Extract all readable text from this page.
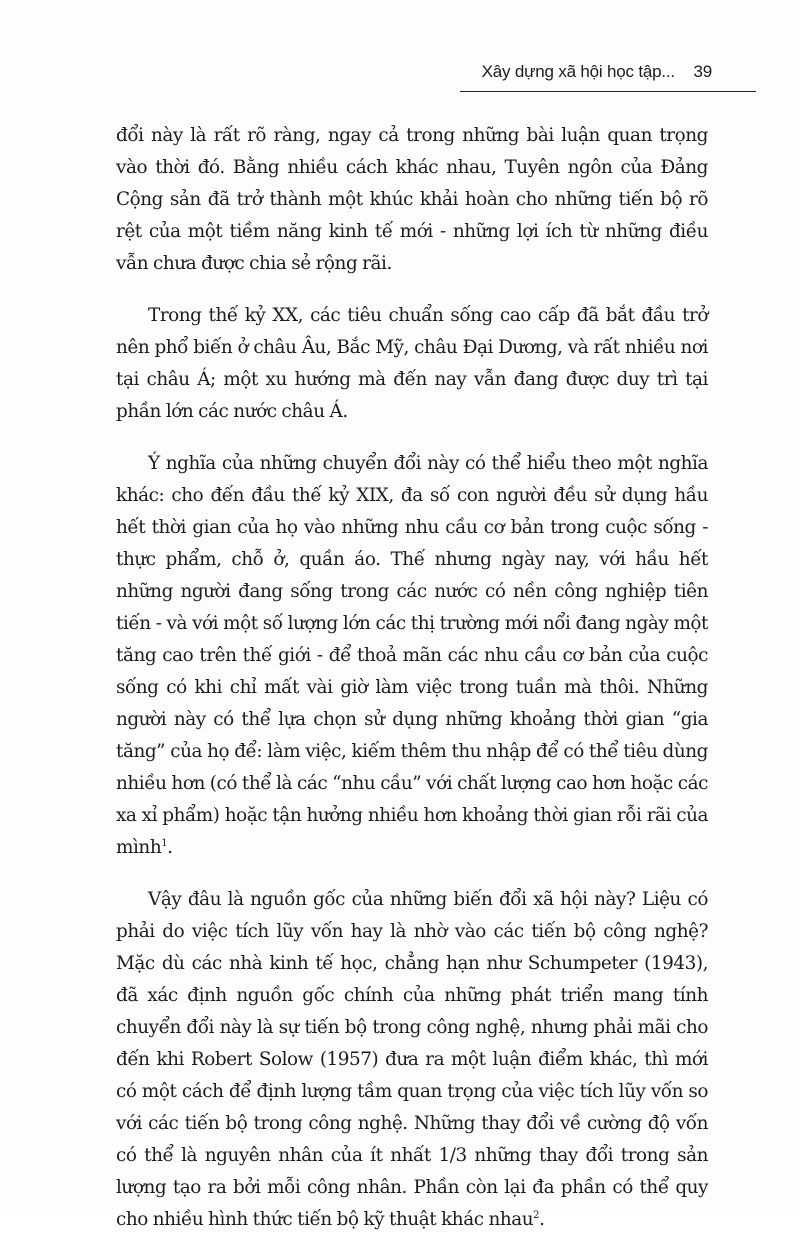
Xây dựng xã hội học tập... 39

đổi này là rất rõ ràng, ngay cả trong những bài luận quan trọng vào thời đó. Bằng nhiều cách khác nhau, Tuyên ngôn của Đảng Cộng sản đã trở thành một khúc khải hoàn cho những tiến bộ rõ rệt của một tiềm năng kinh tế mới - những lợi ích từ những điều vẫn chưa được chia sẻ rộng rãi.

Trong thế kỷ XX, các tiêu chuẩn sống cao cấp đã bắt đầu trở nên phổ biến ở châu Âu, Bắc Mỹ, châu Đại Dương, và rất nhiều nơi tại châu Á; một xu hướng mà đến nay vẫn đang được duy trì tại phần lớn các nước châu Á.

Ý nghĩa của những chuyển đổi này có thể hiểu theo một nghĩa khác: cho đến đầu thế kỷ XIX, đa số con người đều sử dụng hầu hết thời gian của họ vào những nhu cầu cơ bản trong cuộc sống - thực phẩm, chỗ ở, quần áo. Thế nhưng ngày nay, với hầu hết những người đang sống trong các nước có nền công nghiệp tiên tiến - và với một số lượng lớn các thị trường mới nổi đang ngày một tăng cao trên thế giới - để thoả mãn các nhu cầu cơ bản của cuộc sống có khi chỉ mất vài giờ làm việc trong tuần mà thôi. Những người này có thể lựa chọn sử dụng những khoảng thời gian “gia tăng” của họ để: làm việc, kiếm thêm thu nhập để có thể tiêu dùng nhiều hơn (có thể là các “nhu cầu” với chất lượng cao hơn hoặc các xa xỉ phẩm) hoặc tận hưởng nhiều hơn khoảng thời gian rỗi rãi của mình$^1$.

Vậy đâu là nguồn gốc của những biến đổi xã hội này? Liệu có phải do việc tích lũy vốn hay là nhờ vào các tiến bộ công nghệ? Mặc dù các nhà kinh tế học, chẳng hạn như Schumpeter (1943), đã xác định nguồn gốc chính của những phát triển mang tính chuyển đổi này là sự tiến bộ trong công nghệ, nhưng phải mãi cho đến khi Robert Solow (1957) đưa ra một luận điểm khác, thì mới có một cách để định lượng tầm quan trọng của việc tích lũy vốn so với các tiến bộ trong công nghệ. Những thay đổi về cường độ vốn có thể là nguyên nhân của ít nhất 1/3 những thay đổi trong sản lượng tạo ra bởi mỗi công nhân. Phần còn lại đa phần có thể quy cho nhiều hình thức tiến bộ kỹ thuật khác nhau$^2$.
